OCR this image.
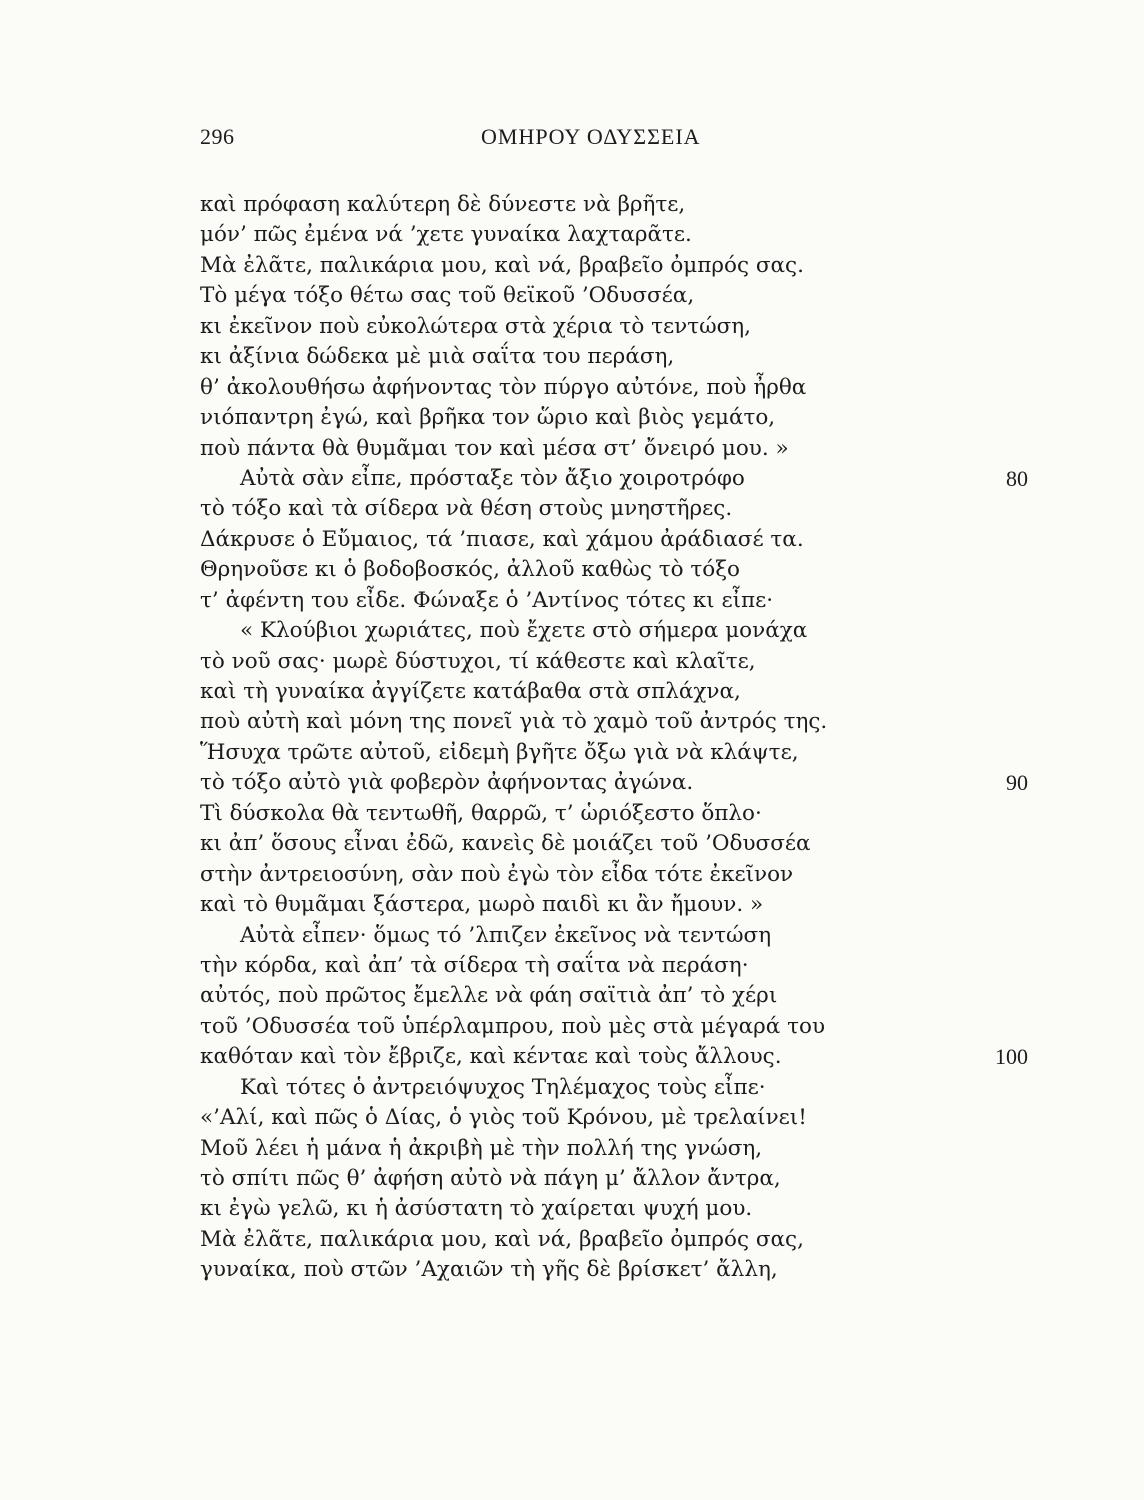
296	ΟΜΗΡΟΥ ΟΔΥΣΣΕΙΑ
καὶ πρόφαση καλύτερη δὲ δύνεστε νὰ βρῆτε,
μόν’ πῶς ἐμένα νά ’χετε γυναίκα λαχταρᾶτε.
Μὰ ἐλᾶτε, παλικάρια μου, καὶ νά, βραβεῖο ὀμπρός σας.
Τὸ μέγα τόξο θέτω σας τοῦ θεϊκοῦ ’Οδυσσέα,
κι ἐκεῖνον ποὺ εὐκολώτερα στὰ χέρια τὸ τεντώση,
κι ἀξίνια δώδεκα μὲ μιὰ σαΐτα του περάση,
θ’ ἀκολουθήσω ἀφήνοντας τὸν πύργο αὐτόνε, ποὺ ἦρθα
νιόπαντρη ἐγώ, καὶ βρῆκα τον ὥριο καὶ βιὸς γεμάτο,
ποὺ πάντα θὰ θυμᾶμαι τον καὶ μέσα στ’ ὄνειρό μου. »
Αὐτὰ σὰν εἶπε, πρόσταξε τὸν ἄξιο χοιροτρόφο	80
τὸ τόξο καὶ τὰ σίδερα νὰ θέση στοὺς μνηστῆρες.
Δάκρυσε ὁ Εὔμαιος, τά ’πιασε, καὶ χάμου ἀράδιασέ τα.
Θρηνοῦσε κι ὁ βοδοβοσκός, ἀλλοῦ καθὼς τὸ τόξο
τ’ ἀφέντη του εἶδε. Φώναξε ὁ ’Αντίνος τότες κι εἶπε·
« Κλούβιοι χωριάτες, ποὺ ἔχετε στὸ σήμερα μονάχα
τὸ νοῦ σας· μωρὲ δύστυχοι, τί κάθεστε καὶ κλαῖτε,
καὶ τὴ γυναίκα ἀγγίζετε κατάβαθα στὰ σπλάχνα,
ποὺ αὐτὴ καὶ μόνη της πονεῖ γιὰ τὸ χαμὸ τοῦ ἀντρός της.
Ἥσυχα τρῶτε αὐτοῦ, εἰδεμὴ βγῆτε ὄξω γιὰ νὰ κλάψτε,
τὸ τόξο αὐτὸ γιὰ φοβερὸν ἀφήνοντας ἀγώνα.	90
Τὶ δύσκολα θὰ τεντωθῆ, θαρρῶ, τ’ ὡριόξεστο ὅπλο·
κι ἀπ’ ὅσους εἶναι ἐδῶ, κανεὶς δὲ μοιάζει τοῦ ’Οδυσσέα
στὴν ἀντρειοσύνη, σὰν ποὺ ἐγὼ τὸν εἶδα τότε ἐκεῖνον
καὶ τὸ θυμᾶμαι ξάστερα, μωρὸ παιδὶ κι ἂν ἤμουν. »
Αὐτὰ εἶπεν· ὅμως τό ’λπιζεν ἐκεῖνος νὰ τεντώση
τὴν κόρδα, καὶ ἀπ’ τὰ σίδερα τὴ σαΐτα νὰ περάση·
αὐτός, ποὺ πρῶτος ἔμελλε νὰ φάη σαϊτιὰ ἀπ’ τὸ χέρι
τοῦ ’Οδυσσέα τοῦ ὑπέρλαμπρου, ποὺ μὲς στὰ μέγαρά του
καθόταν καὶ τὸν ἔβριζε, καὶ κένταε καὶ τοὺς ἄλλους.	100
Καὶ τότες ὁ ἀντρειόψυχος Τηλέμαχος τοὺς εἶπε·
«’Αλί, καὶ πῶς ὁ Δίας, ὁ γιὸς τοῦ Κρόνου, μὲ τρελαίνει!
Μοῦ λέει ἡ μάνα ἡ ἀκριβὴ μὲ τὴν πολλή της γνώση,
τὸ σπίτι πῶς θ’ ἀφήση αὐτὸ νὰ πάγη μ’ ἄλλον ἄντρα,
κι ἐγὼ γελῶ, κι ἡ ἀσύστατη τὸ χαίρεται ψυχή μου.
Μὰ ἐλᾶτε, παλικάρια μου, καὶ νά, βραβεῖο ὀμπρός σας,
γυναίκα, ποὺ στῶν ’Αχαιῶν τὴ γῆς δὲ βρίσκετ’ ἄλλη,
